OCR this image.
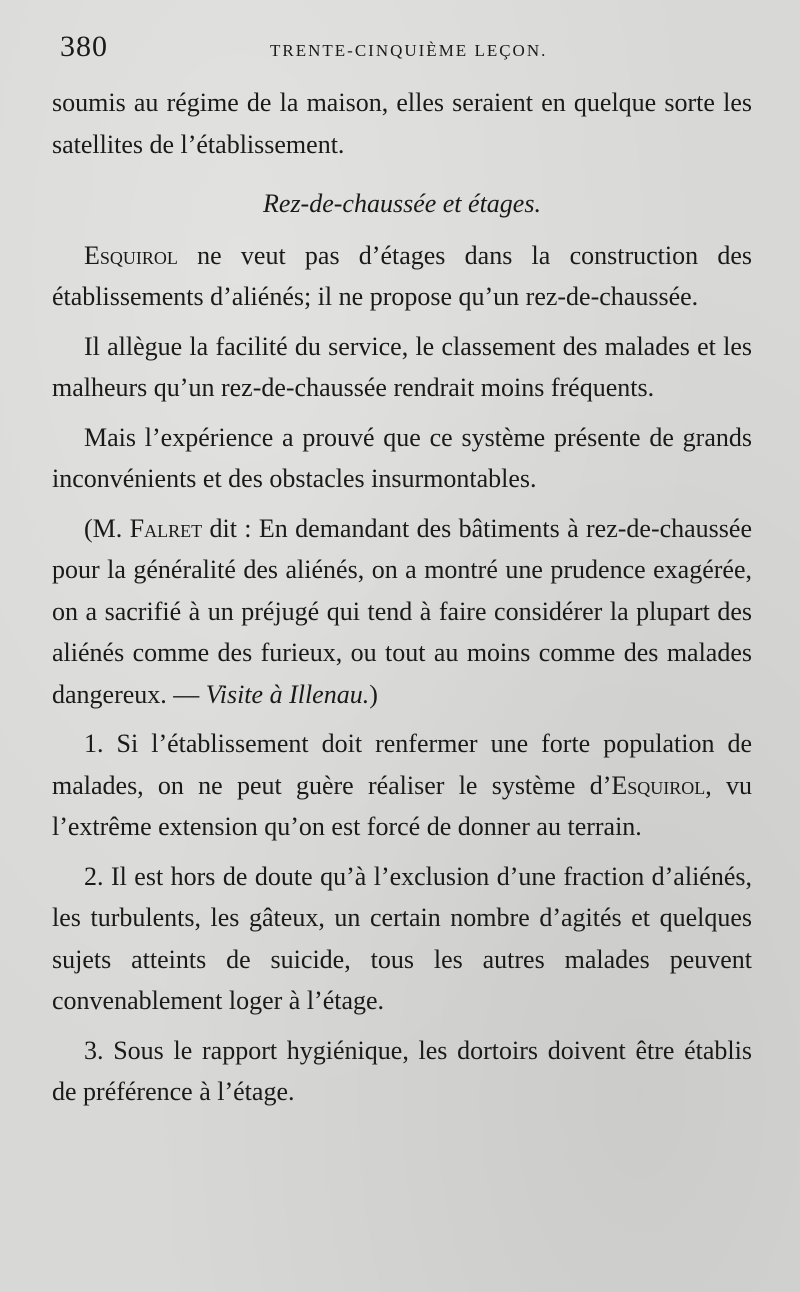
380	TRENTE-CINQUIÈME LEÇON.

soumis au régime de la maison, elles seraient en quelque sorte les satellites de l’établissement.

Rez-de-chaussée et étages.

Esquirol ne veut pas d’étages dans la construction des établissements d’aliénés; il ne propose qu’un rez-de-chaussée.

Il allègue la facilité du service, le classement des malades et les malheurs qu’un rez-de-chaussée rendrait moins fréquents.

Mais l’expérience a prouvé que ce système présente de grands inconvénients et des obstacles insurmontables.

(M. Falret dit : En demandant des bâtiments à rez-de-chaussée pour la généralité des aliénés, on a montré une prudence exagérée, on a sacrifié à un préjugé qui tend à faire considérer la plupart des aliénés comme des furieux, ou tout au moins comme des malades dangereux. — Visite à Illenau.)

1. Si l’établissement doit renfermer une forte population de malades, on ne peut guère réaliser le système d’Esquirol, vu l’extrême extension qu’on est forcé de donner au terrain.

2. Il est hors de doute qu’à l’exclusion d’une fraction d’aliénés, les turbulents, les gâteux, un certain nombre d’agités et quelques sujets atteints de suicide, tous les autres malades peuvent convenablement loger à l’étage.

3. Sous le rapport hygiénique, les dortoirs doivent être établis de préférence à l’étage.
